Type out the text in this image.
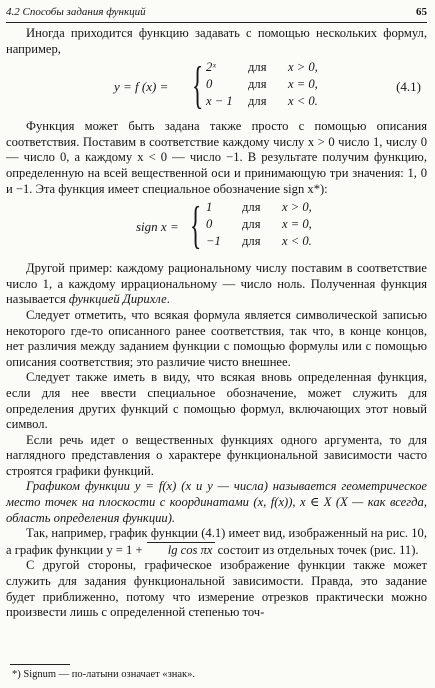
4.2 Способы задания функций	65

Иногда приходится функцию задавать с помощью нескольких формул, например,

y = f (x) = { 2ˣ	для x > 0,
0	для x = 0,
x − 1 для x < 0.
(4.1)

Функция может быть задана также просто с помощью описания соответствия. Поставим в соответствие каждому числу x > 0 число 1, числу 0 — число 0, а каждому x < 0 — число −1. В результате получим функцию, определенную на всей вещественной оси и принимающую три значения: 1, 0 и −1. Эта функция имеет специальное обозначение sign x*):

sign x = { 1 для x > 0,
0 для x = 0,
−1 для x < 0.

Другой пример: каждому рациональному числу поставим в соответствие число 1, а каждому иррациональному — число ноль. Полученная функция называется функцией Дирихле.

Следует отметить, что всякая формула является символической записью некоторого где-то описанного ранее соответствия, так что, в конце концов, нет различия между заданием функции с помощью формулы или с помощью описания соответствия; это различие чисто внешнее.

Следует также иметь в виду, что всякая вновь определенная функция, если для нее ввести специальное обозначение, может служить для определения других функций с помощью формул, включающих этот новый символ.

Если речь идет о вещественных функциях одного аргумента, то для наглядного представления о характере функциональной зависимости часто строятся графики функций.

Графиком функции y = f(x) (x и y — числа) называется геометрическое место точек на плоскости с координатами (x, f(x)), x ∈ X (X — как всегда, область определения функции).

Так, например, график функции (4.1) имеет вид, изображенный на рис. 10, а график функции y = 1 + lg cos πx состоит из отдельных точек (рис. 11).

С другой стороны, графическое изображение функции также может служить для задания функциональной зависимости. Правда, это задание будет приближенно, потому что измерение отрезков практически можно произвести лишь с определенной степенью точ-

*) Signum — по-латыни означает «знак».
